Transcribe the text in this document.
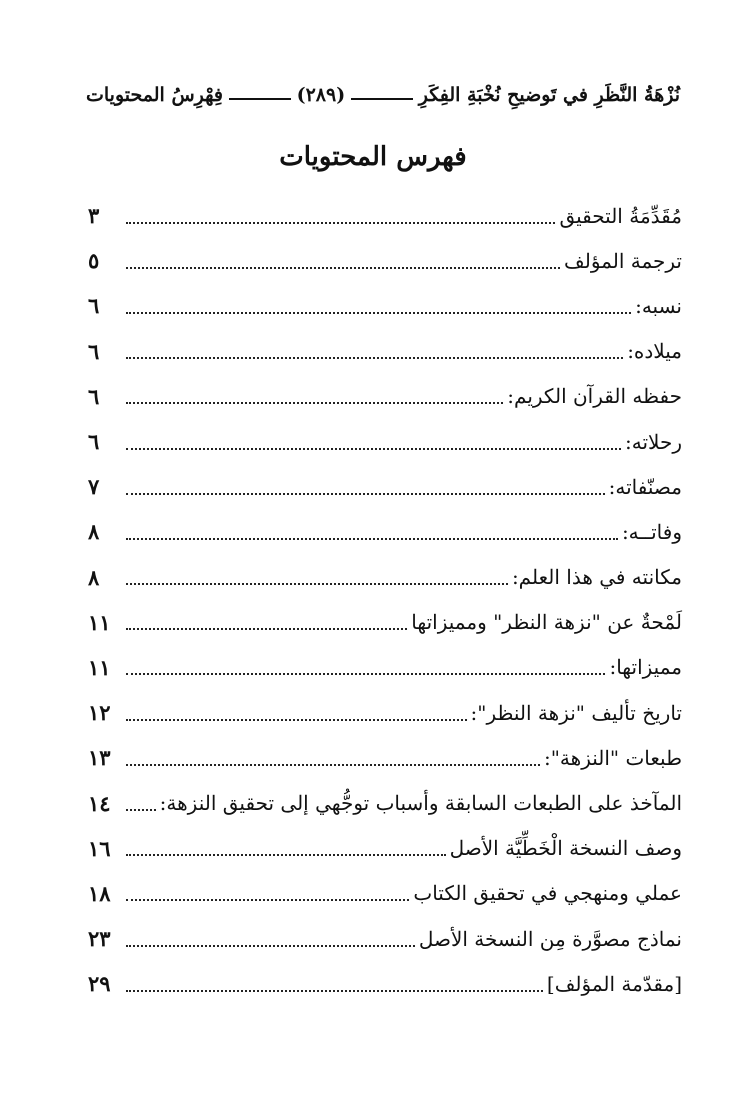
نُزْهَةُ النَّظَرِ في تَوضيحِ نُخْبَةِ الفِكَرِ
(٢٨٩)
فِهْرِسُ المحتويات
فهرس المحتويات
مُقَدِّمَةُ التحقيق
٣
ترجمة المؤلف
٥
نسبه:
٦
ميلاده:
٦
حفظه القرآن الكريم:
٦
رحلاته:
٦
مصنّفاته:
٧
وفاتــه:
٨
مكانته في هذا العلم:
٨
لَمْحةٌ عن "نزهة النظر" ومميزاتها
١١
مميزاتها:
١١
تاريخ تأليف "نزهة النظر":
١٢
طبعات "النزهة":
١٣
المآخذ على الطبعات السابقة وأسباب توجُّهي إلى تحقيق النزهة:
١٤
وصف النسخة الْخَطِّيَّة الأصل
١٦
عملي ومنهجي في تحقيق الكتاب
١٨
نماذج مصوَّرة مِن النسخة الأصل
٢٣
[مقدّمة المؤلف]
٢٩
